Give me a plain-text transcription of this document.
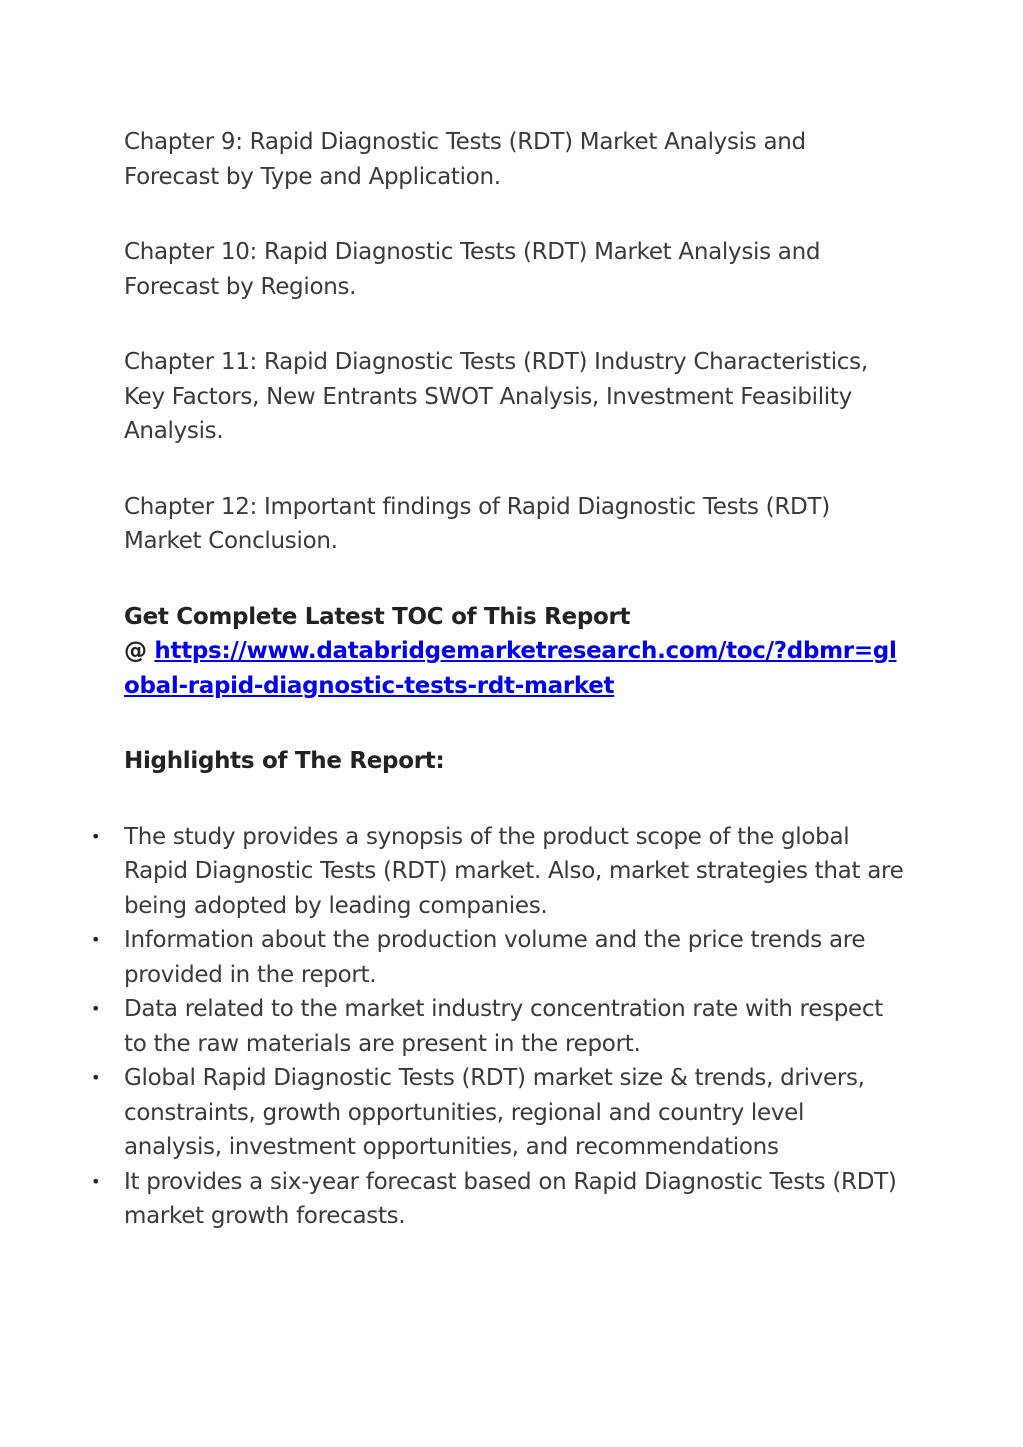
Chapter 9: Rapid Diagnostic Tests (RDT) Market Analysis and Forecast by Type and Application.

Chapter 10: Rapid Diagnostic Tests (RDT) Market Analysis and Forecast by Regions.

Chapter 11: Rapid Diagnostic Tests (RDT) Industry Characteristics, Key Factors, New Entrants SWOT Analysis, Investment Feasibility Analysis.

Chapter 12: Important findings of Rapid Diagnostic Tests (RDT) Market Conclusion.

Get Complete Latest TOC of This Report
@ https://www.databridgemarketresearch.com/toc/?dbmr=global-rapid-diagnostic-tests-rdt-market
Highlights of The Report:
• The study provides a synopsis of the product scope of the global Rapid Diagnostic Tests (RDT) market. Also, market strategies that are being adopted by leading companies.
• Information about the production volume and the price trends are provided in the report.
• Data related to the market industry concentration rate with respect to the raw materials are present in the report.
• Global Rapid Diagnostic Tests (RDT) market size & trends, drivers, constraints, growth opportunities, regional and country level analysis, investment opportunities, and recommendations
• It provides a six-year forecast based on Rapid Diagnostic Tests (RDT) market growth forecasts.
